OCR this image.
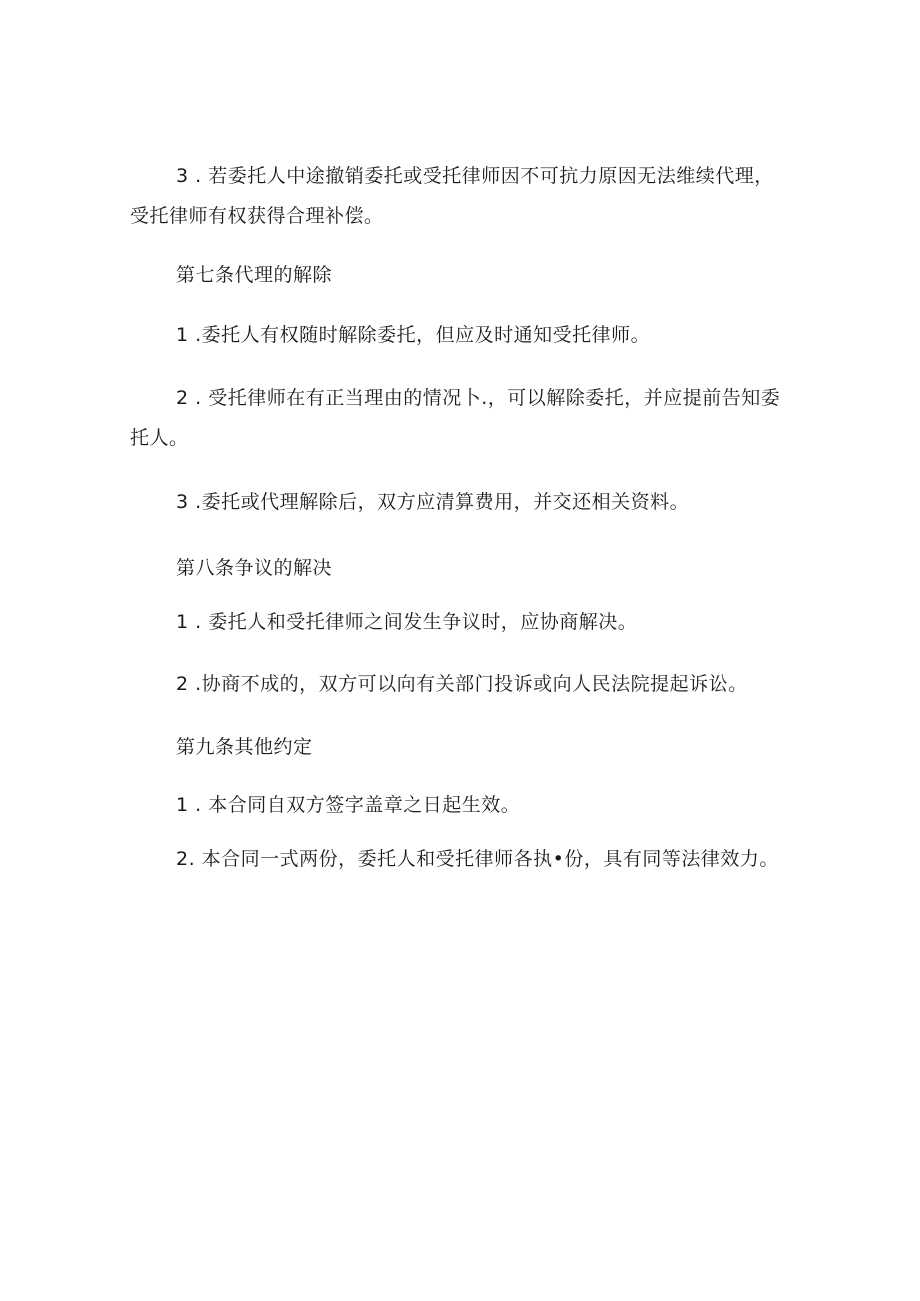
3 . 若委托人中途撤销委托或受托律师因不可抗力原因无法维续代理，受托律师有权获得合理补偿。

第七条代理的解除

1 .委托人有权随时解除委托，但应及时通知受托律师。

2 . 受托律师在有正当理由的情况卜.，可以解除委托，并应提前告知委托人。

3 .委托或代理解除后，双方应清算费用，并交还相关资料。

第八条争议的解决

1 . 委托人和受托律师之间发生争议时，应协商解决。

2 .协商不成的，双方可以向有关部门投诉或向人民法院提起诉讼。

第九条其他约定

1 . 本合同自双方签字盖章之日起生效。

2. 本合同一式两份，委托人和受托律师各执•份，具有同等法律效力。
